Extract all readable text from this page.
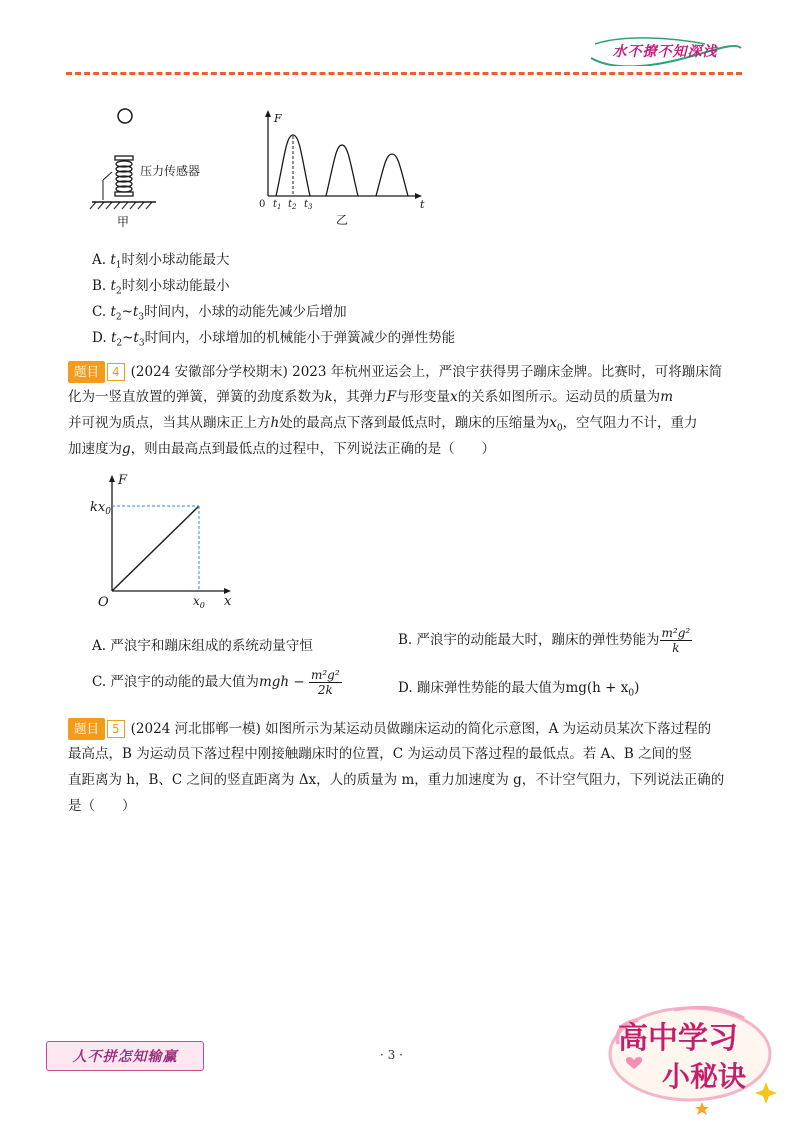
水不撩不知深浅
压力传感器
甲
F
t
0 $t_1$ $t_2$ $t_3$
乙
A. $t_1$时刻小球动能最大
B. $t_2$时刻小球动能最小
C. $t_2\sim t_3$时间内，小球的动能先减少后增加
D. $t_2\sim t_3$时间内，小球增加的机械能小于弹簧减少的弹性势能
题目 4 (2024 安徽部分学校期末) 2023 年杭州亚运会上，严浪宇获得男子蹦床金牌。比赛时，可将蹦床简
化为一竖直放置的弹簧，弹簧的劲度系数为k，其弹力F与形变量x的关系如图所示。运动员的质量为m
并可视为质点，当其从蹦床正上方h处的最高点下落到最低点时，蹦床的压缩量为$x_0$，空气阻力不计，重力
加速度为g，则由最高点到最低点的过程中，下列说法正确的是（　　）
F
x
O
$kx_0$
$x_0$
A. 严浪宇和蹦床组成的系统动量守恒	B. 严浪宇的动能最大时，蹦床的弹性势能为 $\frac{\text{m²g²}}{k}$
C. 严浪宇的动能的最大值为mgh − $\frac{\text{m²g²}}{2k}$	D. 蹦床弹性势能的最大值为$mg(h + x_0)$
题目 5 (2024 河北邯郸一模) 如图所示为某运动员做蹦床运动的简化示意图，A 为运动员某次下落过程的
最高点，B 为运动员下落过程中刚接触蹦床时的位置，C 为运动员下落过程的最低点。若 A、B 之间的竖
直距离为 h，B、C 之间的竖直距离为 Δx，人的质量为 m，重力加速度为 g，不计空气阻力，下列说法正确的
是（　　）
人不拼怎知输赢	· 3 ·	高中学习
小秘诀
